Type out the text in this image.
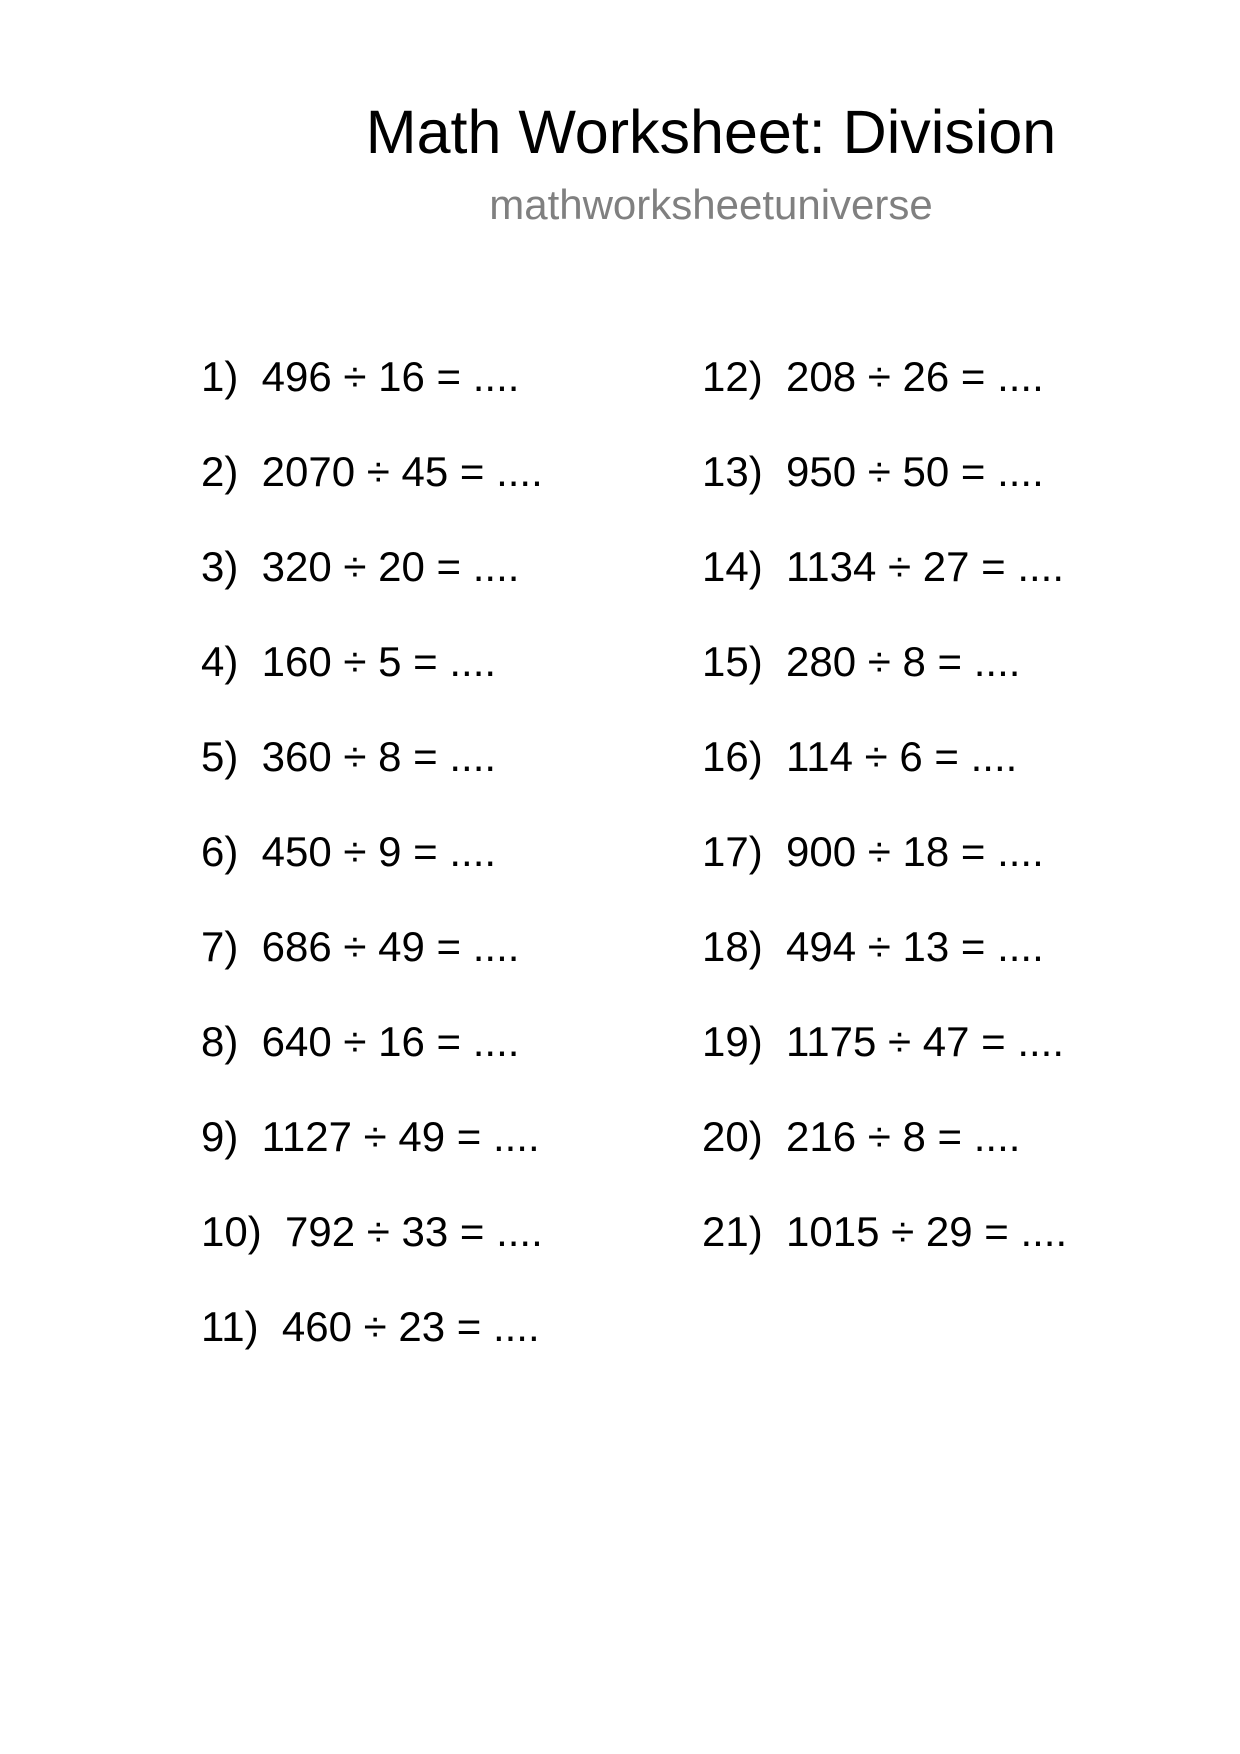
Math Worksheet: Division

mathworksheetuniverse

1)  496 ÷ 16 = ....
2)  2070 ÷ 45 = ....
3)  320 ÷ 20 = ....
4)  160 ÷ 5 = ....
5)  360 ÷ 8 = ....
6)  450 ÷ 9 = ....
7)  686 ÷ 49 = ....
8)  640 ÷ 16 = ....
9)  1127 ÷ 49 = ....
10)  792 ÷ 33 = ....
11)  460 ÷ 23 = ....
12)  208 ÷ 26 = ....
13)  950 ÷ 50 = ....
14)  1134 ÷ 27 = ....
15)  280 ÷ 8 = ....
16)  114 ÷ 6 = ....
17)  900 ÷ 18 = ....
18)  494 ÷ 13 = ....
19)  1175 ÷ 47 = ....
20)  216 ÷ 8 = ....
21)  1015 ÷ 29 = ....
